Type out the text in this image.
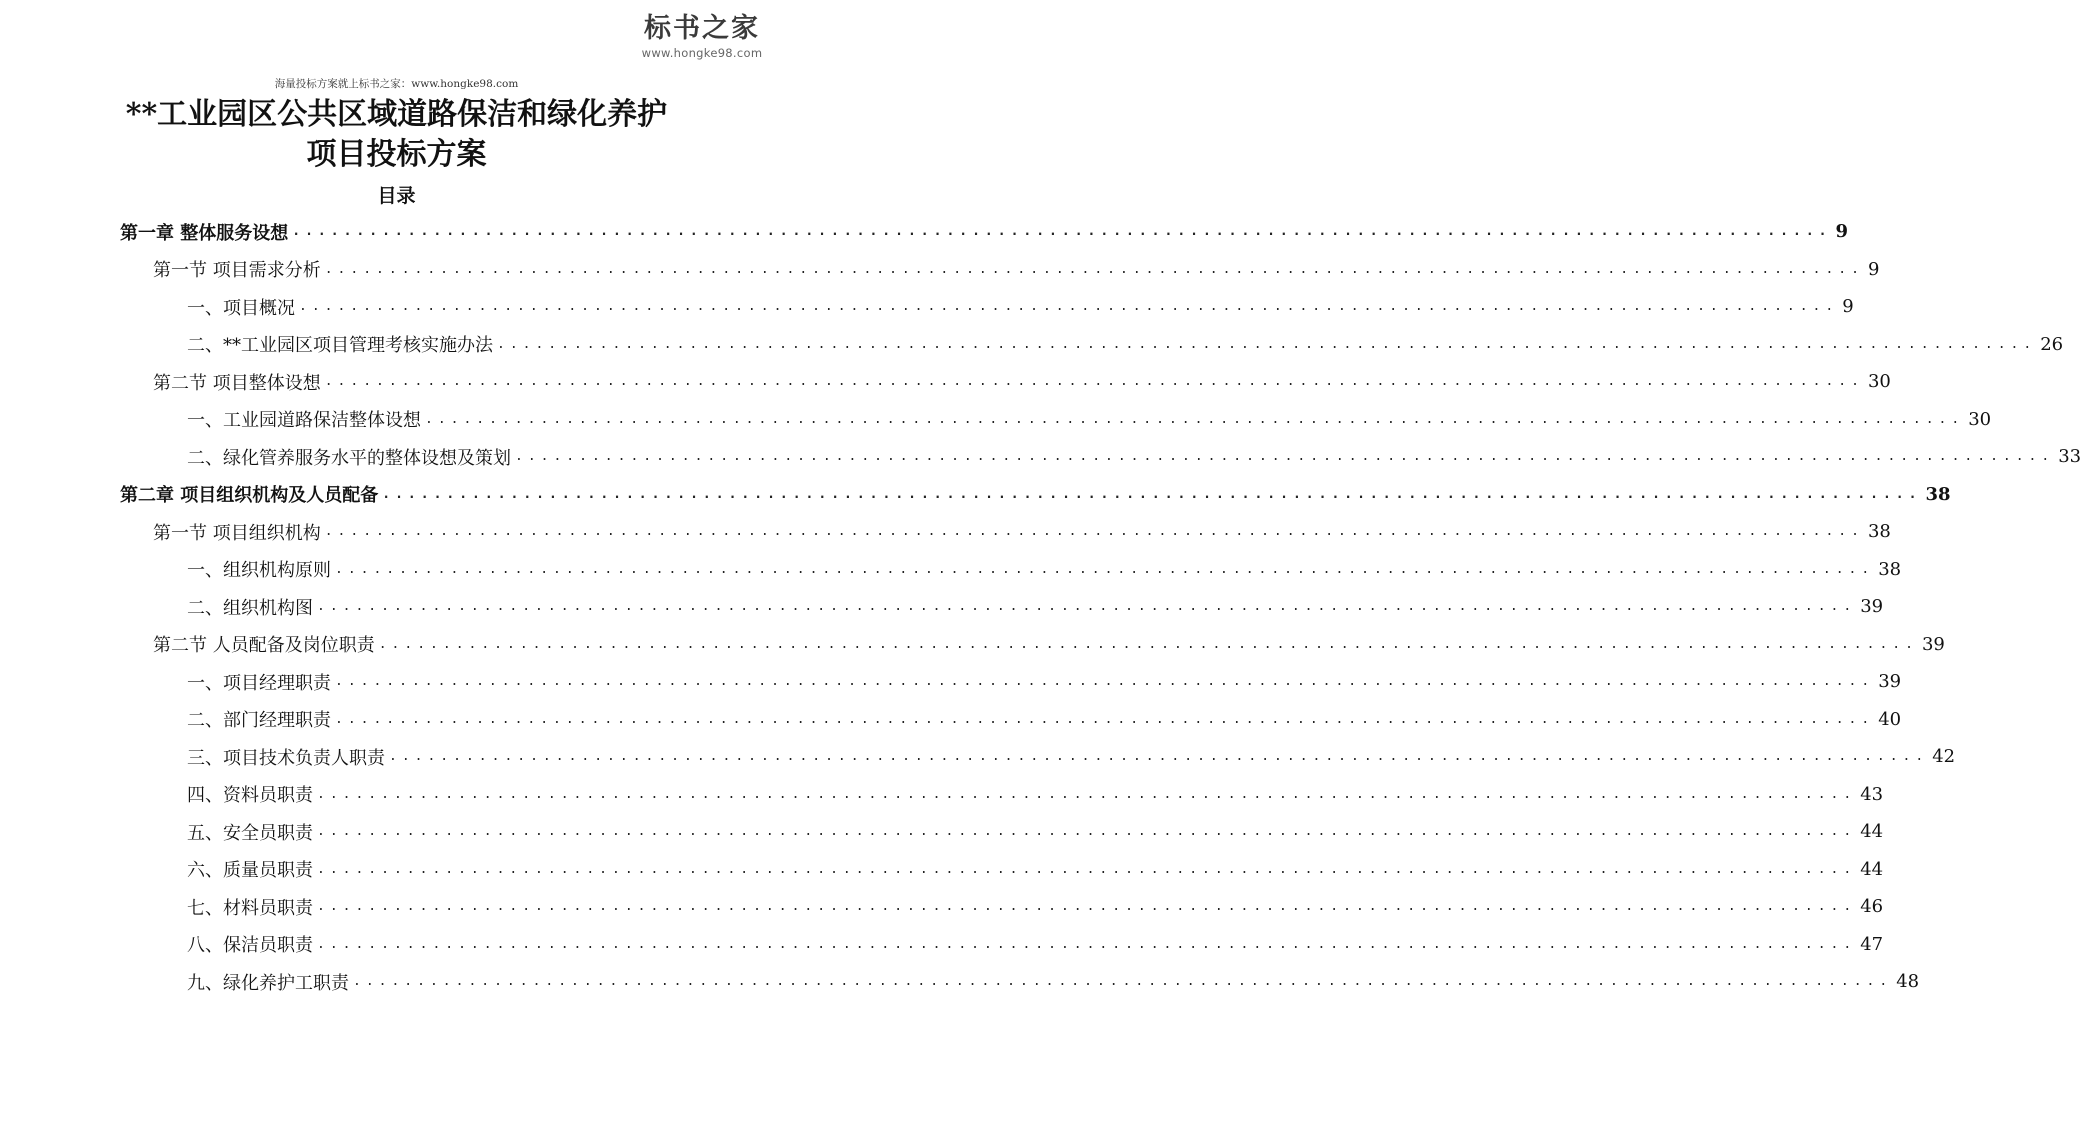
标书之家
www.hongke98.com
海量投标方案就上标书之家：www.hongke98.com
**工业园区公共区域道路保洁和绿化养护
项目投标方案
目录
第一章 整体服务设想 ........................................................................................................................ 9
第一节 项目需求分析 ........................................................................................................................ 9
一、项目概况 ........................................................................................................................ 9
二、**工业园区项目管理考核实施办法 ........................................................................................................................ 26
第二节 项目整体设想 ........................................................................................................................ 30
一、工业园道路保洁整体设想 ........................................................................................................................ 30
二、绿化管养服务水平的整体设想及策划 ........................................................................................................................ 33
第二章 项目组织机构及人员配备 ........................................................................................................................ 38
第一节 项目组织机构 ........................................................................................................................ 38
一、组织机构原则 ........................................................................................................................ 38
二、组织机构图 ........................................................................................................................ 39
第二节 人员配备及岗位职责 ........................................................................................................................ 39
一、项目经理职责 ........................................................................................................................ 39
二、部门经理职责 ........................................................................................................................ 40
三、项目技术负责人职责 ........................................................................................................................ 42
四、资料员职责 ........................................................................................................................ 43
五、安全员职责 ........................................................................................................................ 44
六、质量员职责 ........................................................................................................................ 44
七、材料员职责 ........................................................................................................................ 46
八、保洁员职责 ........................................................................................................................ 47
九、绿化养护工职责 ........................................................................................................................ 48
